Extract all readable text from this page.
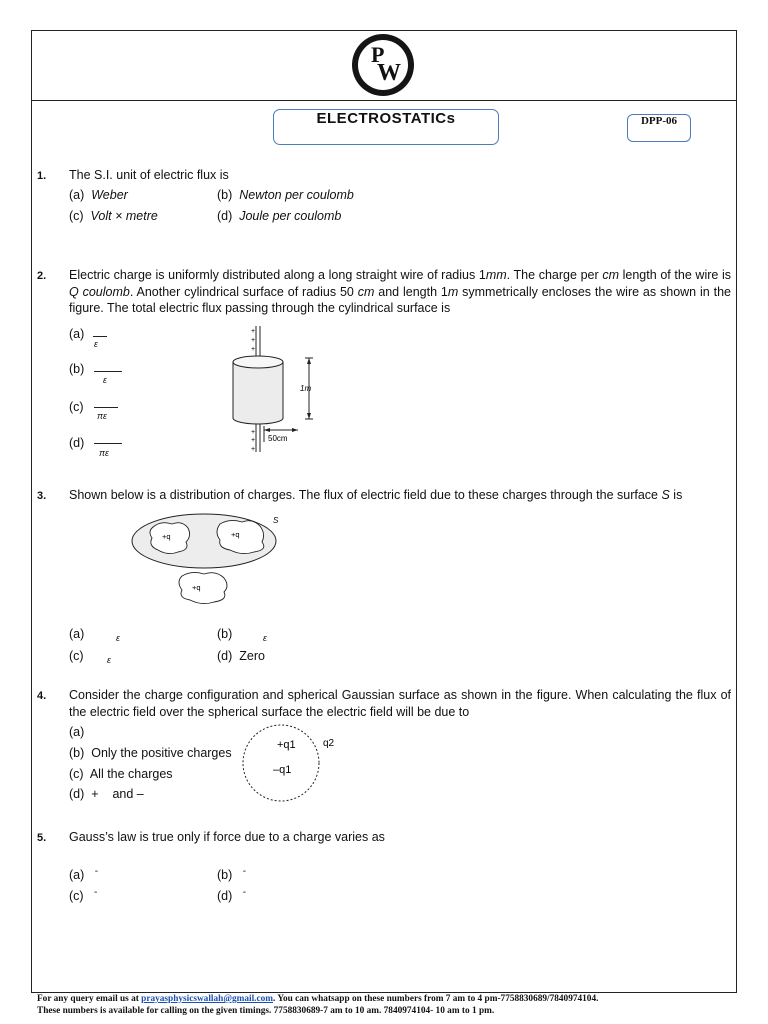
P
W
ELECTROSTATICs	DPP-06
1. The S.I. unit of electric flux is
(a) Weber	(b) Newton per coulomb
(c) Volt × metre	(d) Joule per coulomb
2. Electric charge is uniformly distributed along a long straight wire of radius 1mm. The charge per cm length of the wire is Q coulomb. Another cylindrical surface of radius 50 cm and length 1m symmetrically encloses the wire as shown in the figure. The total electric flux passing through the cylindrical surface is
(a)
ε
(b)
ε
(c)
πε
(d)
πε
+
+
+
+
+
+
1m
50cm
3. Shown below is a distribution of charges. The flux of electric field due to these charges through the surface S is
S
+q	+q
+q
(a)	ε	(b)	ε
(c)	ε	(d) Zero
4. Consider the charge configuration and spherical Gaussian surface as shown in the figure. When calculating the flux of the electric field over the spherical surface the electric field will be due to
(a)
(b) Only the positive charges
(c) All the charges
(d) + and –
+q1
–q1
q2
5. Gauss’s law is true only if force due to a charge varies as
(a) -	(b) -
(c) -	(d) -
For any query email us at prayasphysicswallah@gmail.com. You can whatsapp on these numbers from 7 am to 4 pm-7758830689/7840974104.
These numbers is available for calling on the given timings. 7758830689-7 am to 10 am. 7840974104- 10 am to 1 pm.
